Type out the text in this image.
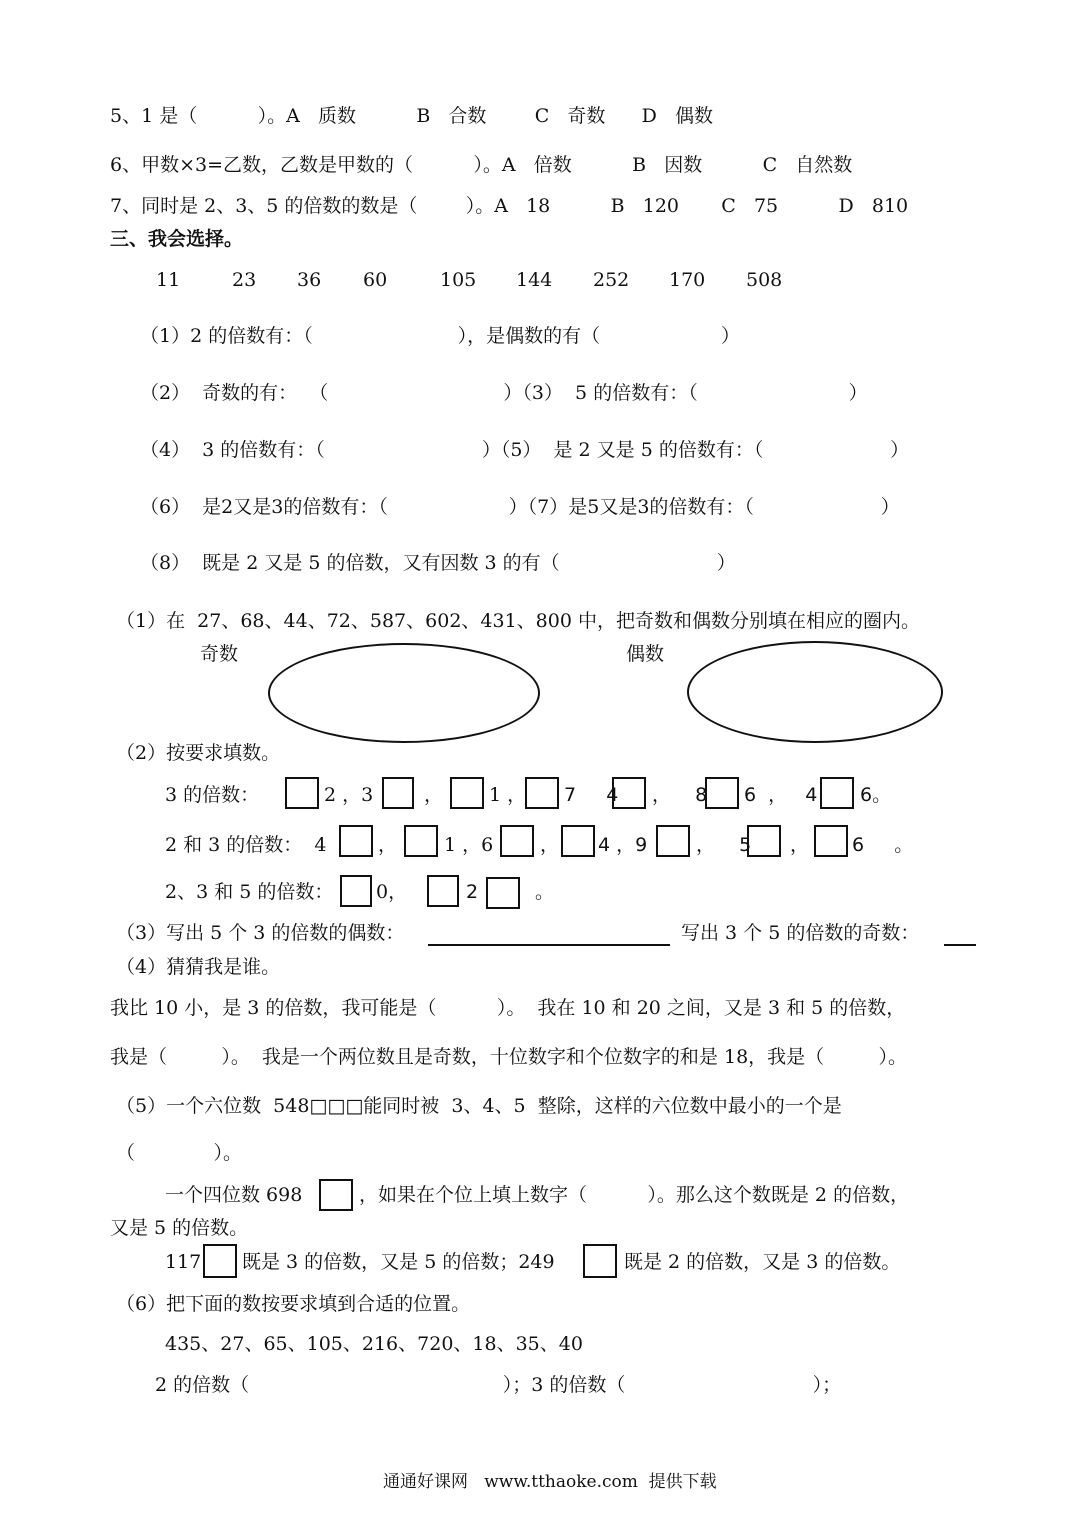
5、1 是（          ）。A   质数          B   合数        C   奇数      D   偶数
6、甲数×3=乙数，乙数是甲数的（          ）。A   倍数          B   因数          C   自然数
7、同时是 2、3、5 的倍数的数是（        ）。A   18          B   120       C   75          D   810
三、我会选择。
11	23 36 60	105 144 252 170 508
（1）2 的倍数有：（                        ），是偶数的有（                    ）
（2）  奇数的有：  （                             ）（3）  5 的倍数有：（                         ）
（4）  3 的倍数有：（                          ）（5）  是 2 又是 5 的倍数有：（                     ）
（6）  是2又是3的倍数有：（                    ）（7）是5又是3的倍数有：（                     ）
（8）  既是 2 又是 5 的倍数，又有因数 3 的有（                          ）
（1）在  27、68、44、72、587、602、431、800 中，把奇数和偶数分别填在相应的圈内。
奇数	偶数
（2）按要求填数。
3 的倍数：	2 ，3	， 1 ， 7     4 ，    8 6  ，   4 6。
2 和 3 的倍数：  4	， 1 ，6 ， 4 ，9	，    5 ， 6     。
2、3 和 5 的倍数： 0，	2	。
（3）写出 5 个 3 的倍数的偶数：	写出 3 个 5 的倍数的奇数：
（4）猜猜我是谁。
我比 10 小，是 3 的倍数，我可能是（          ）。  我在 10 和 20 之间，又是 3 和 5 的倍数，
我是（         ）。  我是一个两位数且是奇数，十位数字和个位数字的和是 18，我是（         ）。
（5）一个六位数  548□□□能同时被  3、4、5  整除，这样的六位数中最小的一个是
（             ）。
一个四位数 698	，如果在个位上填上数字（          ）。那么这个数既是 2 的倍数，
又是 5 的倍数。
117 既是 3 的倍数，又是 5 的倍数；249	既是 2 的倍数，又是 3 的倍数。
（6）把下面的数按要求填到合适的位置。
435、27、65、105、216、720、18、35、40
2 的倍数（                                          ）；3 的倍数（                               ）；
通通好课网   www.tthaoke.com  提供下载
